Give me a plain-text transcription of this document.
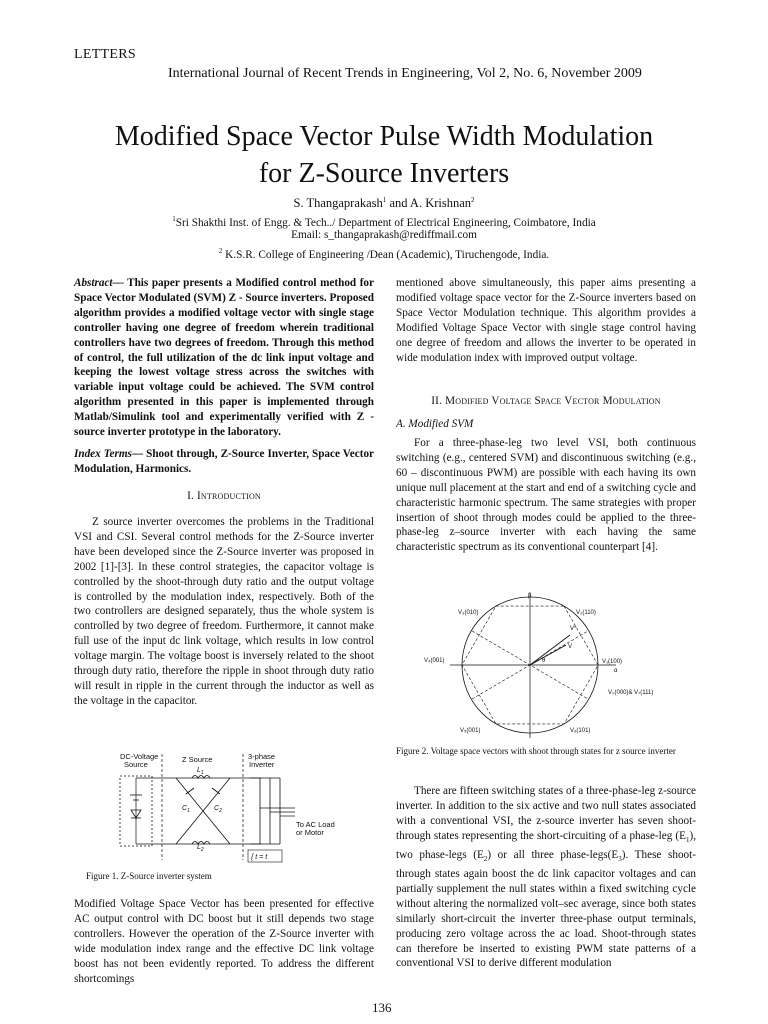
LETTERS
International Journal of Recent Trends in Engineering, Vol 2, No. 6, November 2009
Modified Space Vector Pulse Width Modulation
for Z-Source Inverters
S. Thangaprakash$^1$ and A. Krishnan$^2$
$^1$Sri Shakthi Inst. of Engg. & Tech../ Department of Electrical Engineering, Coimbatore, India
Email: s_thangaprakash@rediffmail.com
$^2$ K.S.R. College of Engineering /Dean (Academic), Tiruchengode, India.

Abstract— This paper presents a Modified control method for Space Vector Modulated (SVM) Z - Source inverters. Proposed algorithm provides a modified voltage vector with single stage controller having one degree of freedom wherein traditional controllers have two degrees of freedom. Through this method of control, the full utilization of the dc link input voltage and keeping the lowest voltage stress across the switches with variable input voltage could be achieved. The SVM control algorithm presented in this paper is implemented through Matlab/Simulink tool and experimentally verified with Z - source inverter prototype in the laboratory.

Index Terms— Shoot through, Z-Source Inverter, Space Vector Modulation, Harmonics.

I. Introduction

Z source inverter overcomes the problems in the Traditional VSI and CSI. Several control methods for the Z-Source inverter have been developed since the Z-Source inverter was proposed in 2002 [1]-[3]. In these control strategies, the capacitor voltage is controlled by the shoot-through duty ratio and the output voltage is controlled by the modulation index, respectively. Both of the two controllers are designed separately, thus the whole system is controlled by two degree of freedom. Furthermore, it cannot make full use of the input dc link voltage, which results in low control voltage margin. The voltage boost is inversely related to the shoot through duty ratio, therefore the ripple in shoot through duty ratio will result in ripple in the current through the inductor as well as the voltage in the capacitor.

DC-Voltage
Source
Z Source	3-phase
Inverter
To AC Load
or Motor
$L_1$
$L_2$
$C_1$	$C_2$
{ t = t
Figure 1. Z-Source inverter system

Modified Voltage Space Vector has been presented for effective AC output control with DC boost but it still depends two stage controllers. However the operation of the Z-Source inverter with wide modulation index range and the effective DC link voltage boost has not been evidently reported. To address the different shortcomings

mentioned above simultaneously, this paper aims presenting a modified voltage space vector for the Z-Source inverters based on Space Vector Modulation technique. This algorithm provides a Modified Voltage Space Vector with single stage control having one degree of freedom and allows the inverter to be operated in wide modulation index with improved output voltage.

II. Modified Voltage Space Vector Modulation
A. Modified SVM

For a three-phase-leg two level VSI, both continuous switching (e.g., centered SVM) and discontinuous switching (e.g., 60 – discontinuous PWM) are possible with each having its own unique null placement at the start and end of a switching cycle and characteristic harmonic spectrum. The same strategies with proper insertion of shoot through modes could be applied to the three-phase-leg z–source inverter with each having the same characteristic spectrum as its conventional counterpart [4].

β
α
V₂(110)
V₃(010)
V₄(001)	V₁(100)
V₀(000)& V₇(111)
V₅(001)	V₆(101)
V*
V
θ
Figure 2. Voltage space vectors with shoot through states for z source inverter

There are fifteen switching states of a three-phase-leg z-source inverter. In addition to the six active and two null states associated with a conventional VSI, the z-source inverter has seven shoot-through states representing the short-circuiting of a phase-leg $(E_1)$, two phase-legs $(E_2)$ or all three phase-$legs(E_3)$. These shoot-through states again boost the dc link capacitor voltages and can partially supplement the null states within a fixed switching cycle without altering the normalized volt–sec average, since both states similarly short-circuit the inverter three-phase output terminals, producing zero voltage across the ac load. Shoot-through states can therefore be inserted to existing PWM state patterns of a conventional VSI to derive different modulation

136
